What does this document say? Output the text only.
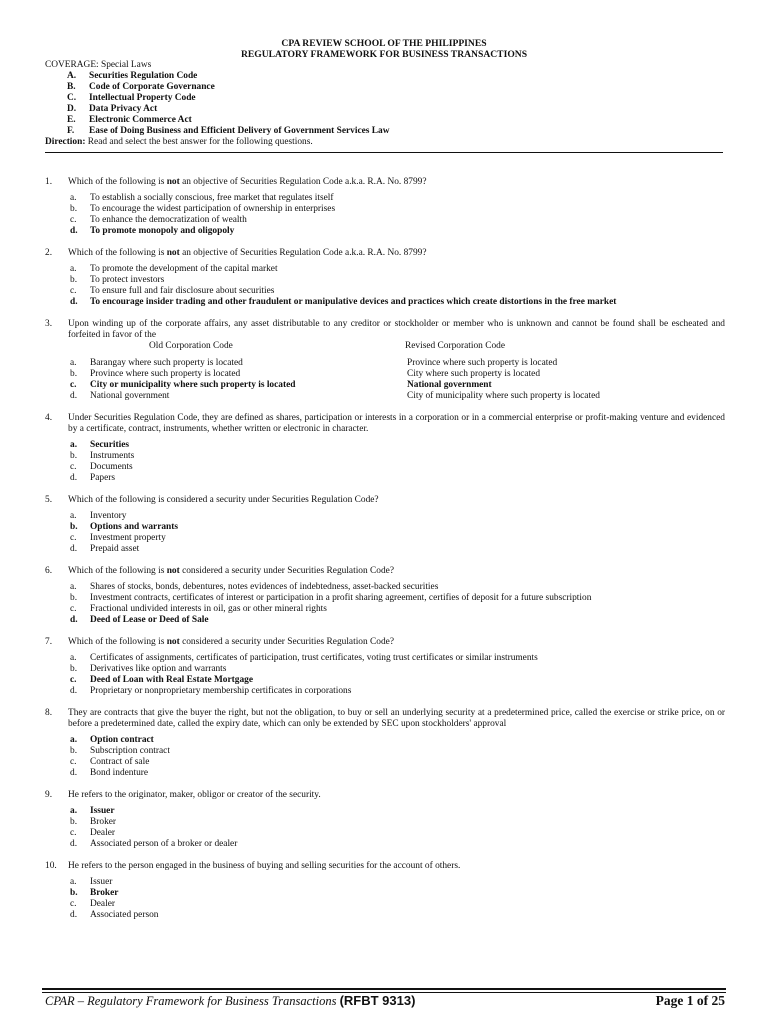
CPA REVIEW SCHOOL OF THE PHILIPPINES
REGULATORY FRAMEWORK FOR BUSINESS TRANSACTIONS
COVERAGE: Special Laws
A.	Securities Regulation Code
B.	Code of Corporate Governance
C.	Intellectual Property Code
D.	Data Privacy Act
E.	Electronic Commerce Act
F.	Ease of Doing Business and Efficient Delivery of Government Services Law
Direction: Read and select the best answer for the following questions.
1.	Which of the following is not an objective of Securities Regulation Code a.k.a. R.A. No. 8799?
a.	To establish a socially conscious, free market that regulates itself
b.	To encourage the widest participation of ownership in enterprises
c.	To enhance the democratization of wealth
d.	To promote monopoly and oligopoly
2.	Which of the following is not an objective of Securities Regulation Code a.k.a. R.A. No. 8799?
a.	To promote the development of the capital market
b.	To protect investors
c.	To ensure full and fair disclosure about securities
d.	To encourage insider trading and other fraudulent or manipulative devices and practices which create distortions in the free market
3.	Upon winding up of the corporate affairs, any asset distributable to any creditor or stockholder or member who is unknown and cannot be found shall be escheated and forfeited in favor of the
Old Corporation Code	Revised Corporation Code
a.	Barangay where such property is located	Province where such property is located
b.	Province where such property is located	City where such property is located
c.	City or municipality where such property is located	National government
d.	National government	City of municipality where such property is located
4.	Under Securities Regulation Code, they are defined as shares, participation or interests in a corporation or in a commercial enterprise or profit-making venture and evidenced by a certificate, contract, instruments, whether written or electronic in character.
a.	Securities
b.	Instruments
c.	Documents
d.	Papers
5.	Which of the following is considered a security under Securities Regulation Code?
a.	Inventory
b.	Options and warrants
c.	Investment property
d.	Prepaid asset
6.	Which of the following is not considered a security under Securities Regulation Code?
a.	Shares of stocks, bonds, debentures, notes evidences of indebtedness, asset-backed securities
b.	Investment contracts, certificates of interest or participation in a profit sharing agreement, certifies of deposit for a future subscription
c.	Fractional undivided interests in oil, gas or other mineral rights
d.	Deed of Lease or Deed of Sale
7.	Which of the following is not considered a security under Securities Regulation Code?
a.	Certificates of assignments, certificates of participation, trust certificates, voting trust certificates or similar instruments
b.	Derivatives like option and warrants
c.	Deed of Loan with Real Estate Mortgage
d.	Proprietary or nonproprietary membership certificates in corporations
8.	They are contracts that give the buyer the right, but not the obligation, to buy or sell an underlying security at a predetermined price, called the exercise or strike price, on or before a predetermined date, called the expiry date, which can only be extended by SEC upon stockholders' approval
a.	Option contract
b.	Subscription contract
c.	Contract of sale
d.	Bond indenture
9.	He refers to the originator, maker, obligor or creator of the security.
a.	Issuer
b.	Broker
c.	Dealer
d.	Associated person of a broker or dealer
10.	He refers to the person engaged in the business of buying and selling securities for the account of others.
a.	Issuer
b.	Broker
c.	Dealer
d.	Associated person
CPAR – Regulatory Framework for Business Transactions (RFBT 9313)	Page 1 of 25
